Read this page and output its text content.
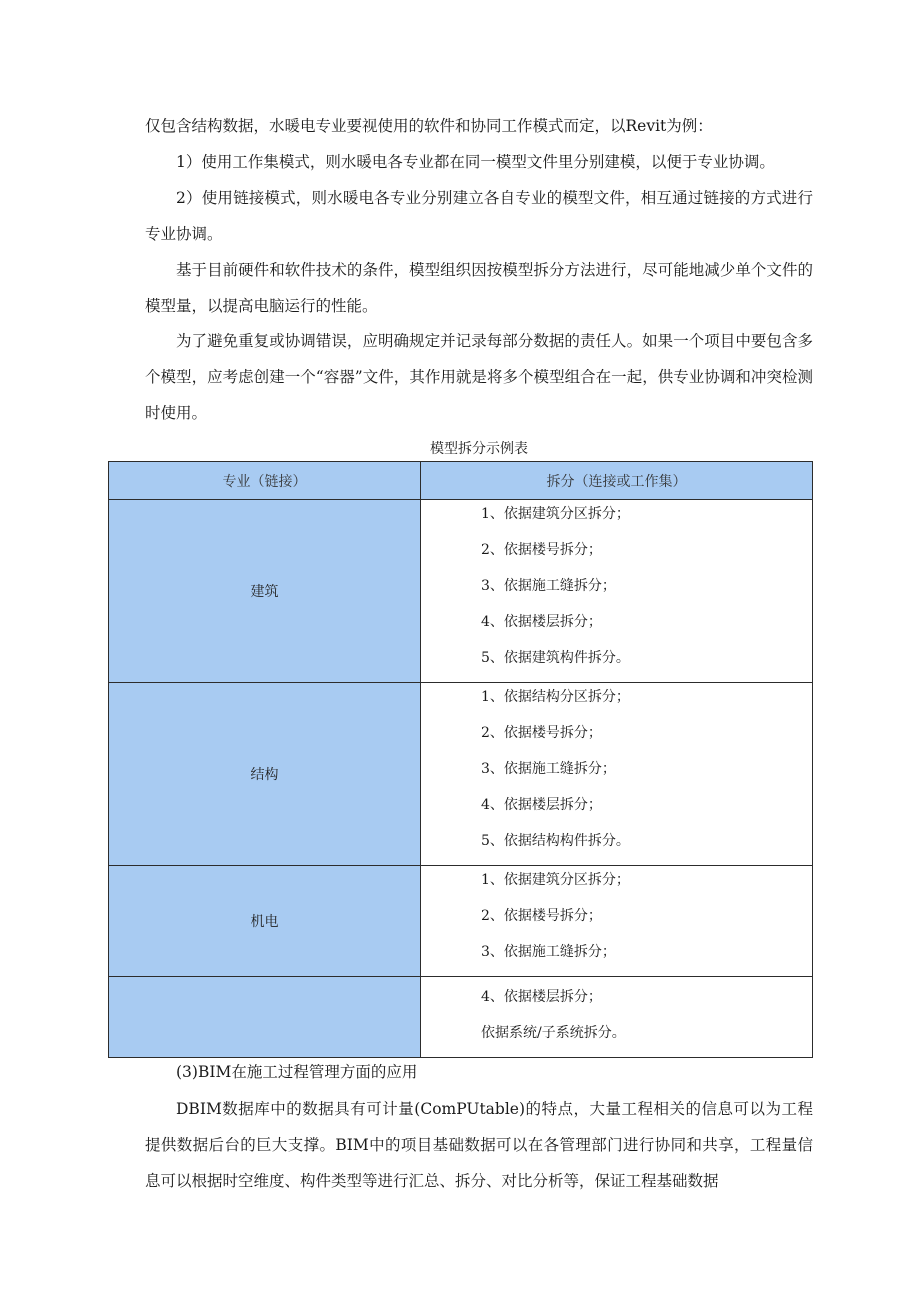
仅包含结构数据，水暖电专业要视使用的软件和协同工作模式而定，以Revit为例：

1）使用工作集模式，则水暖电各专业都在同一模型文件里分别建模，以便于专业协调。

2）使用链接模式，则水暖电各专业分别建立各自专业的模型文件，相互通过链接的方式进行专业协调。

基于目前硬件和软件技术的条件，模型组织因按模型拆分方法进行，尽可能地减少单个文件的模型量，以提高电脑运行的性能。

为了避免重复或协调错误，应明确规定并记录每部分数据的责任人。如果一个项目中要包含多个模型，应考虑创建一个“容器”文件，其作用就是将多个模型组合在一起，供专业协调和冲突检测时使用。

模型拆分示例表
专业（链接）	拆分（连接或工作集）
建筑	1、依据建筑分区拆分；
2、依据楼号拆分；
3、依据施工缝拆分；
4、依据楼层拆分；
5、依据建筑构件拆分。

结构	1、依据结构分区拆分；
2、依据楼号拆分；
3、依据施工缝拆分；
4、依据楼层拆分；
5、依据结构构件拆分。

机电	1、依据建筑分区拆分；
2、依据楼号拆分；
3、依据施工缝拆分；

	4、依据楼层拆分；
依据系统/子系统拆分。

(3)BIM在施工过程管理方面的应用

DBIM数据库中的数据具有可计量(ComPUtable)的特点，大量工程相关的信息可以为工程提供数据后台的巨大支撑。BIM中的项目基础数据可以在各管理部门进行协同和共享，工程量信息可以根据时空维度、构件类型等进行汇总、拆分、对比分析等，保证工程基础数据
